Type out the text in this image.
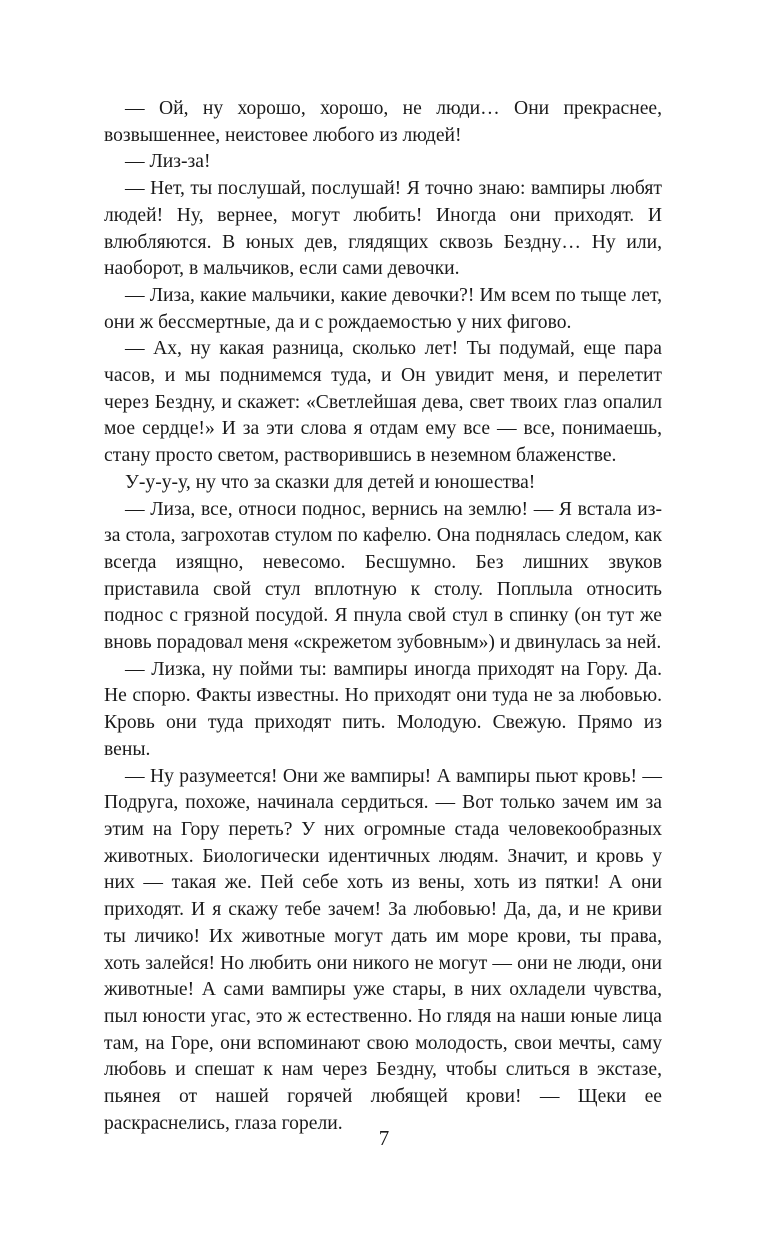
— Ой, ну хорошо, хорошо, не люди… Они прекраснее, возвышеннее, неистовее любого из людей!

— Лиз-за!

— Нет, ты послушай, послушай! Я точно знаю: вампиры любят людей! Ну, вернее, могут любить! Иногда они приходят. И влюбляются. В юных дев, глядящих сквозь Бездну… Ну или, наоборот, в мальчиков, если сами девочки.

— Лиза, какие мальчики, какие девочки?! Им всем по тыще лет, они ж бессмертные, да и с рождаемостью у них фигово.

— Ах, ну какая разница, сколько лет! Ты подумай, еще пара часов, и мы поднимемся туда, и Он увидит меня, и перелетит через Бездну, и скажет: «Светлейшая дева, свет твоих глаз опалил мое сердце!» И за эти слова я отдам ему все — все, понимаешь, стану просто светом, растворившись в неземном блаженстве.

У-у-у-у, ну что за сказки для детей и юношества!

— Лиза, все, относи поднос, вернись на землю! — Я встала из-за стола, загрохотав стулом по кафелю. Она поднялась следом, как всегда изящно, невесомо. Бесшумно. Без лишних звуков приставила свой стул вплотную к столу. Поплыла относить поднос с грязной посудой. Я пнула свой стул в спинку (он тут же вновь порадовал меня «скрежетом зубовным») и двинулась за ней.

— Лизка, ну пойми ты: вампиры иногда приходят на Гору. Да. Не спорю. Факты известны. Но приходят они туда не за любовью. Кровь они туда приходят пить. Молодую. Свежую. Прямо из вены.

— Ну разумеется! Они же вампиры! А вампиры пьют кровь! — Подруга, похоже, начинала сердиться. — Вот только зачем им за этим на Гору переть? У них огромные стада человекообразных животных. Биологически идентичных людям. Значит, и кровь у них — такая же. Пей себе хоть из вены, хоть из пятки! А они приходят. И я скажу тебе зачем! За любовью! Да, да, и не криви ты личико! Их животные могут дать им море крови, ты права, хоть залейся! Но любить они никого не могут — они не люди, они животные! А сами вампиры уже стары, в них охладели чувства, пыл юности угас, это ж естественно. Но глядя на наши юные лица там, на Горе, они вспоминают свою молодость, свои мечты, саму любовь и спешат к нам через Бездну, чтобы слиться в экстазе, пьянея от нашей горячей любящей крови! — Щеки ее раскраснелись, глаза горели.

7
